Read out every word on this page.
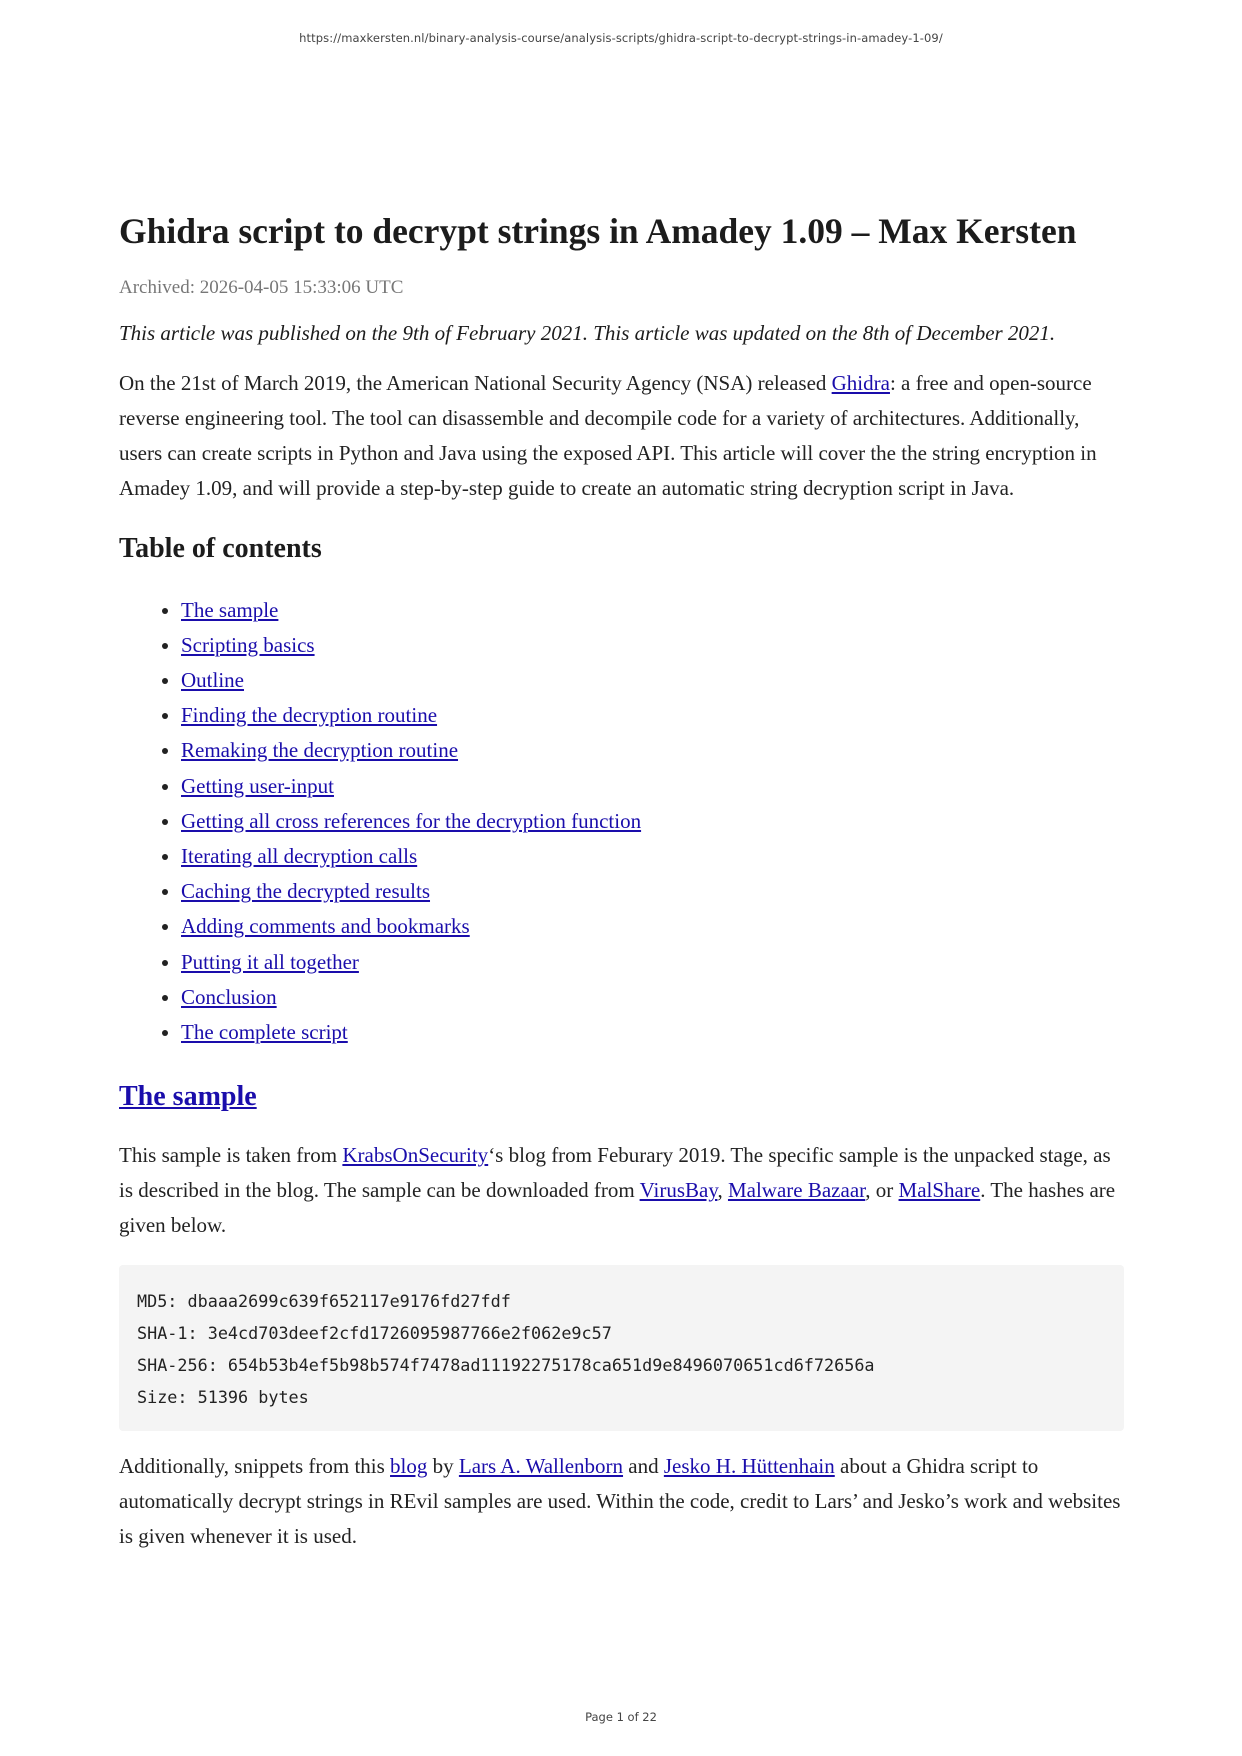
https://maxkersten.nl/binary-analysis-course/analysis-scripts/ghidra-script-to-decrypt-strings-in-amadey-1-09/
Ghidra script to decrypt strings in Amadey 1.09 – Max Kersten
Archived: 2026-04-05 15:33:06 UTC
This article was published on the 9th of February 2021. This article was updated on the 8th of December 2021.

On the 21st of March 2019, the American National Security Agency (NSA) released Ghidra: a free and open-source reverse engineering tool. The tool can disassemble and decompile code for a variety of architectures. Additionally, users can create scripts in Python and Java using the exposed API. This article will cover the the string encryption in Amadey 1.09, and will provide a step-by-step guide to create an automatic string decryption script in Java.

Table of contents
• The sample
• Scripting basics
• Outline
• Finding the decryption routine
• Remaking the decryption routine
• Getting user-input
• Getting all cross references for the decryption function
• Iterating all decryption calls
• Caching the decrypted results
• Adding comments and bookmarks
• Putting it all together
• Conclusion
• The complete script
The sample

This sample is taken from KrabsOnSecurity‘s blog from Feburary 2019. The specific sample is the unpacked stage, as is described in the blog. The sample can be downloaded from VirusBay, Malware Bazaar, or MalShare. The hashes are given below.

MD5: dbaaa2699c639f652117e9176fd27fdf
SHA-1: 3e4cd703deef2cfd1726095987766e2f062e9c57
SHA-256: 654b53b4ef5b98b574f7478ad11192275178ca651d9e8496070651cd6f72656a
Size: 51396 bytes

Additionally, snippets from this blog by Lars A. Wallenborn and Jesko H. Hüttenhain about a Ghidra script to automatically decrypt strings in REvil samples are used. Within the code, credit to Lars’ and Jesko’s work and websites is given whenever it is used.

Page 1 of 22
